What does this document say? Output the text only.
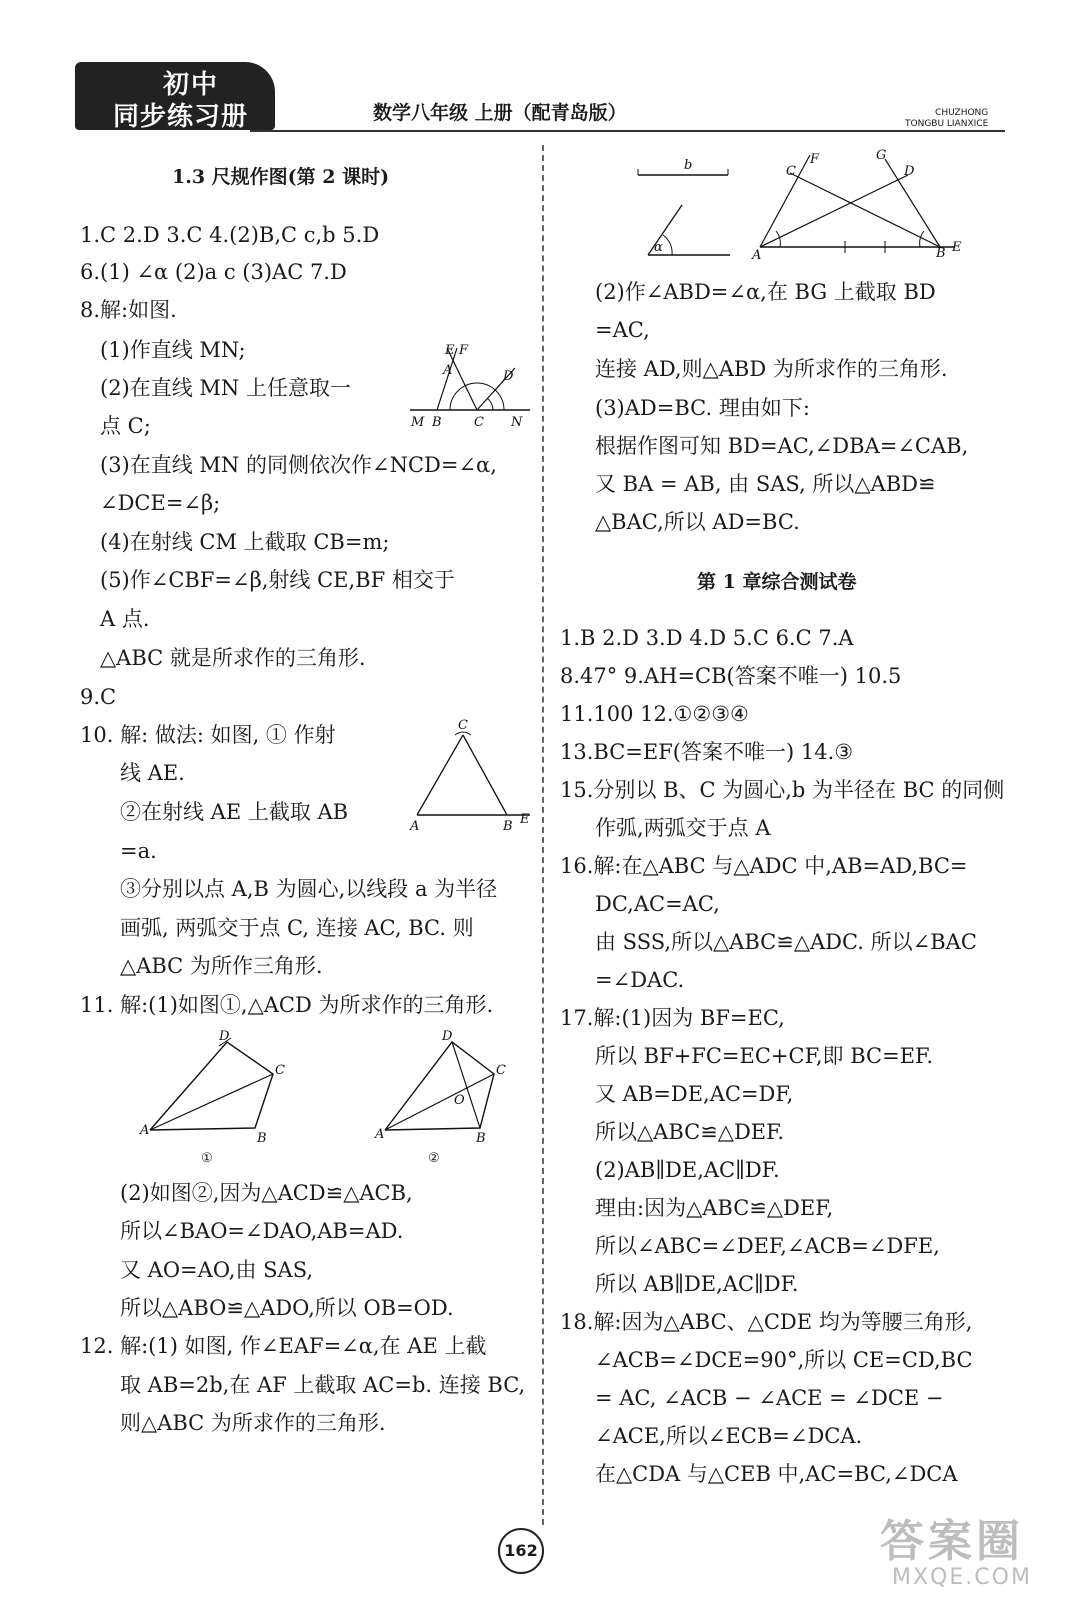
初中
同步练习册	数学八年级 上册（配青岛版）	CHUZHONG
TONGBU LIANXICE
1.3 尺规作图(第 2 课时)
1.C 2.D 3.C 4.(2)B,C c,b 5.D
6.(1) ∠α (2)a c (3)AC 7.D
8.解:如图.
(1)作直线 MN;
(2)在直线 MN 上任意取一
点 C;
(3)在直线 MN 的同侧依次作∠NCD=∠α,
∠DCE=∠β;
(4)在射线 CM 上截取 CB=m;
(5)作∠CBF=∠β,射线 CE,BF 相交于
A 点.
△ABC 就是所求作的三角形.
9.C
10. 解: 做法: 如图, ① 作射
线 AE.
②在射线 AE 上截取 AB
=a.
③分别以点 A,B 为圆心,以线段 a 为半径
画弧, 两弧交于点 C, 连接 AC, BC. 则
△ABC 为所作三角形.
11. 解:(1)如图①,△ACD 为所求作的三角形.
(2)如图②,因为△ACD≌△ACB,
所以∠BAO=∠DAO,AB=AD.
又 AO=AO,由 SAS,
所以△ABO≌△ADO,所以 OB=OD.
12. 解:(1) 如图, 作∠EAF=∠α,在 AE 上截
取 AB=2b,在 AF 上截取 AC=b. 连接 BC,
则△ABC 为所求作的三角形.
E F
A	D
M B C N
C
A	B E
D
C
A
B
①
D
C
O
A	B
②
b
α
F
C
G
D
A	B E
(2)作∠ABD=∠α,在 BG 上截取 BD
=AC,
连接 AD,则△ABD 为所求作的三角形.
(3)AD=BC. 理由如下:
根据作图可知 BD=AC,∠DBA=∠CAB,
又 BA = AB, 由 SAS, 所以△ABD≌
△BAC,所以 AD=BC.
第 1 章综合测试卷
1.B 2.D 3.D 4.D 5.C 6.C 7.A
8.47° 9.AH=CB(答案不唯一) 10.5
11.100 12.①②③④
13.BC=EF(答案不唯一) 14.③
15.分别以 B、C 为圆心,b 为半径在 BC 的同侧
作弧,两弧交于点 A
16.解:在△ABC 与△ADC 中,AB=AD,BC=
DC,AC=AC,
由 SSS,所以△ABC≌△ADC. 所以∠BAC
=∠DAC.
17.解:(1)因为 BF=EC,
所以 BF+FC=EC+CF,即 BC=EF.
又 AB=DE,AC=DF,
所以△ABC≌△DEF.
(2)AB∥DE,AC∥DF.
理由:因为△ABC≌△DEF,
所以∠ABC=∠DEF,∠ACB=∠DFE,
所以 AB∥DE,AC∥DF.
18.解:因为△ABC、△CDE 均为等腰三角形,
∠ACB=∠DCE=90°,所以 CE=CD,BC
= AC, ∠ACB − ∠ACE = ∠DCE −
∠ACE,所以∠ECB=∠DCA.
在△CDA 与△CEB 中,AC=BC,∠DCA
162	答案圈
MXQE.COM
